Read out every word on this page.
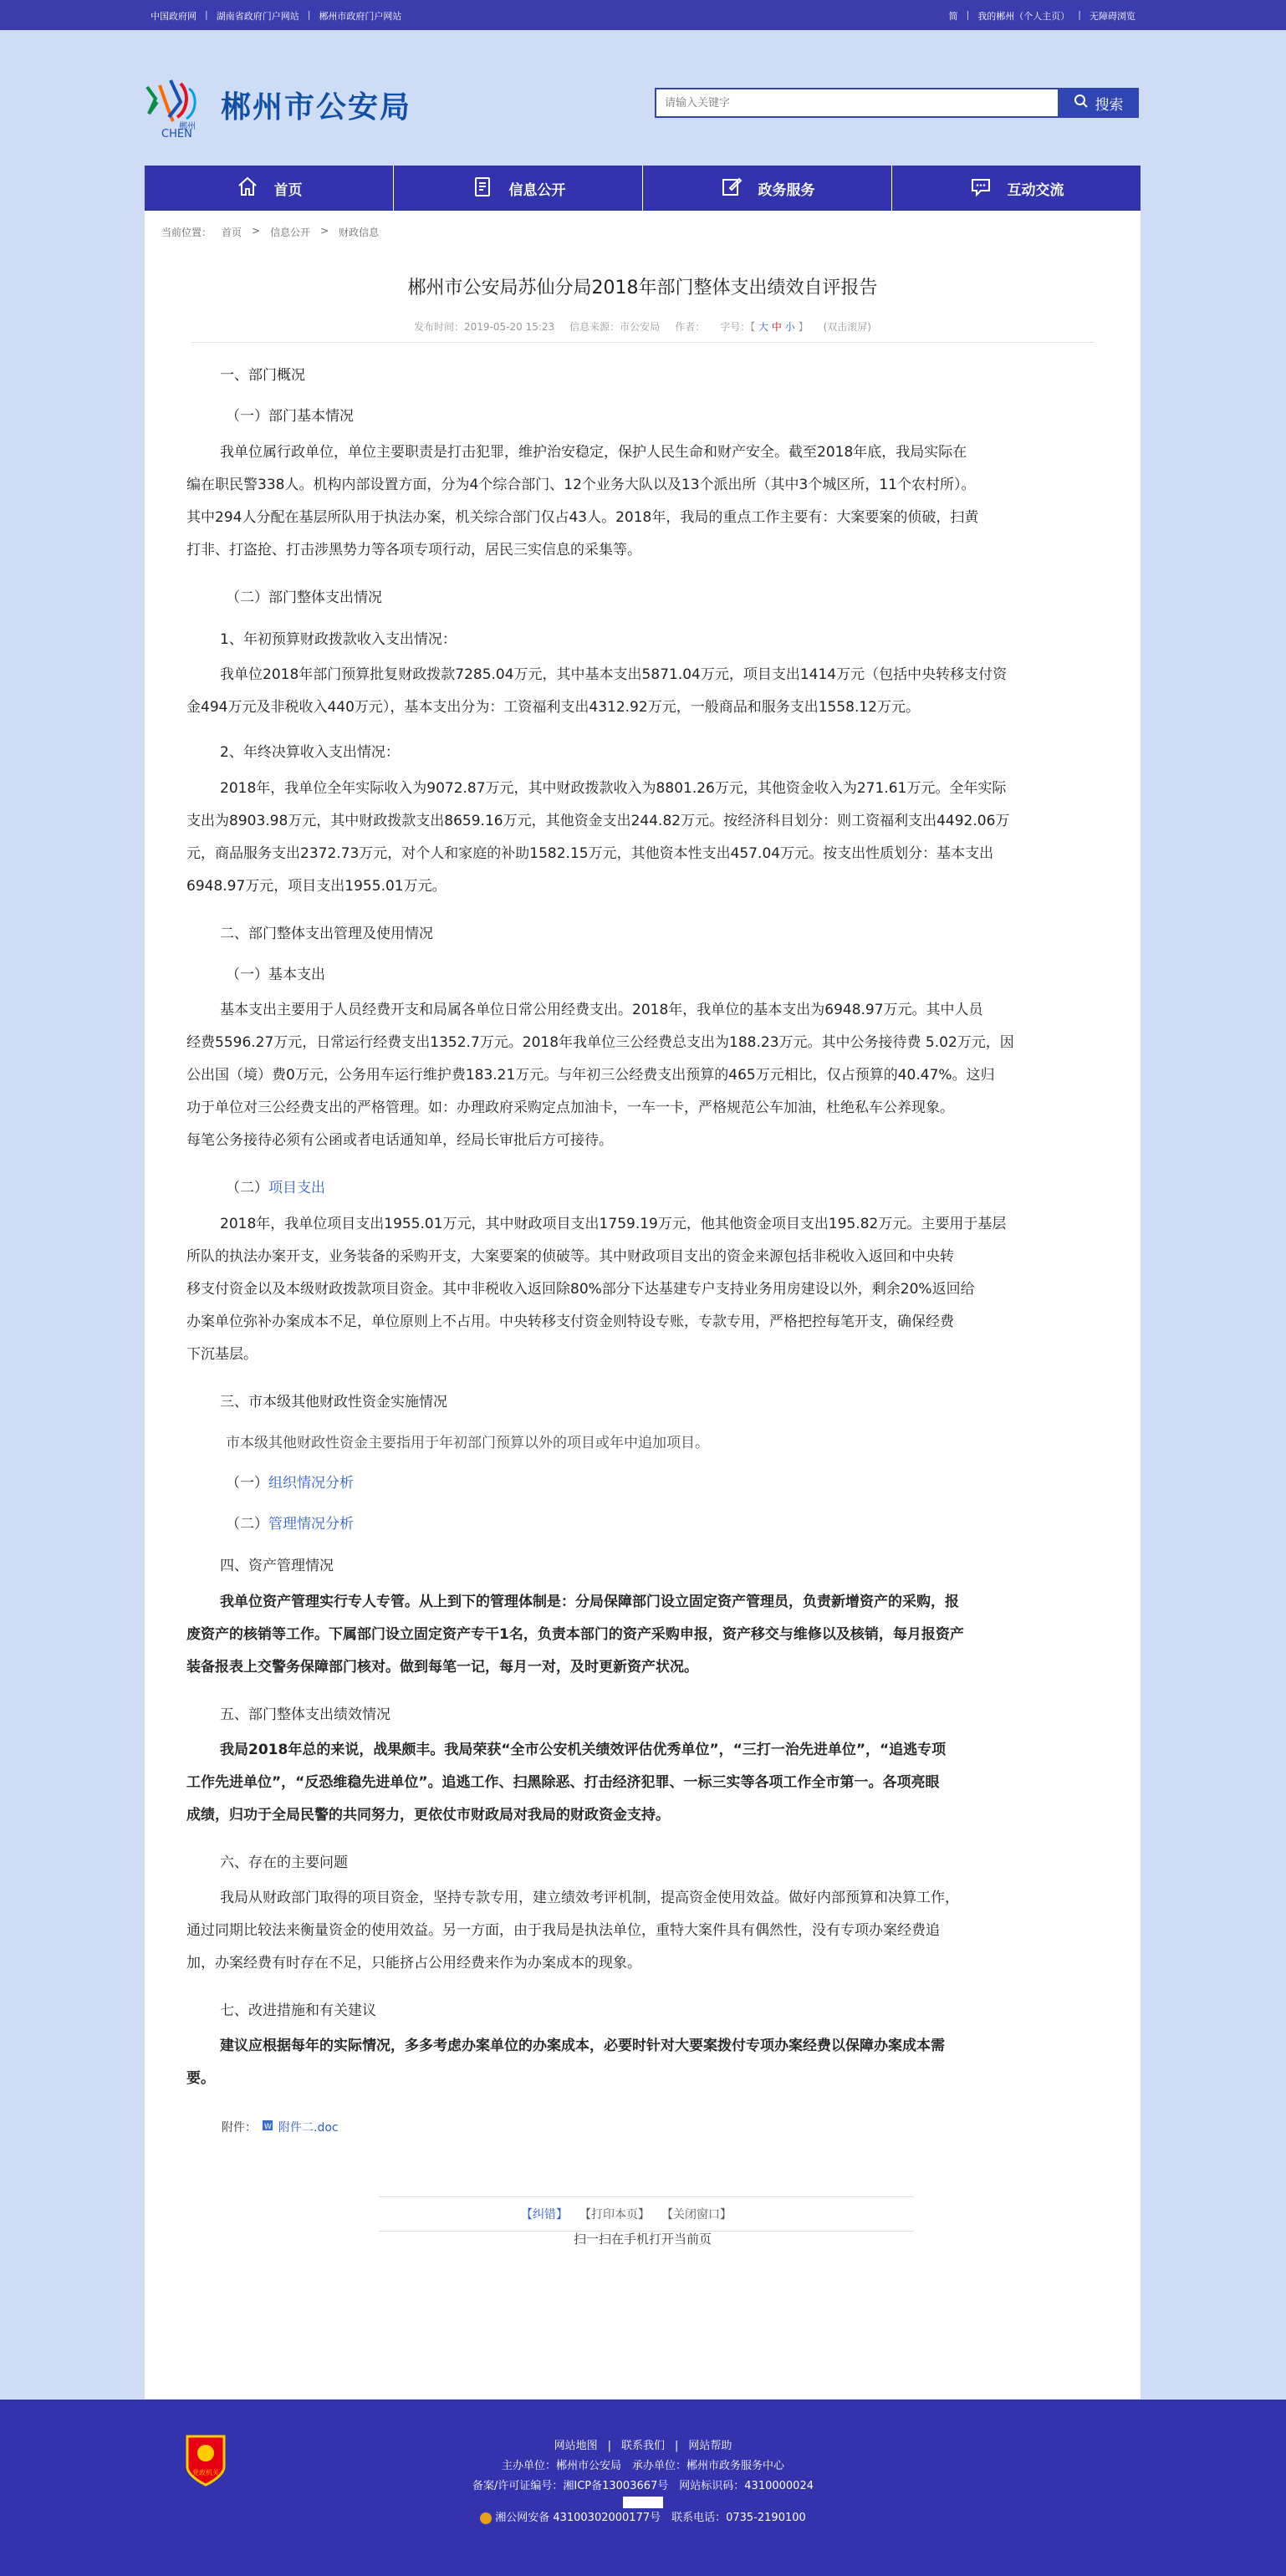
中国政府网 | 湖南省政府门户网站 | 郴州市政府门户网站	简 | 我的郴州（个人主页） | 无障碍浏览
郴州
CHEN
郴州市公安局
请输入关键字	搜索
首页	信息公开	政务服务	互动交流
当前位置： 首页 > 信息公开 > 财政信息
郴州市公安局苏仙分局2018年部门整体支出绩效自评报告
发布时间：2019-05-20 15:23 信息来源：市公安局 作者： 字号：【 大 中 小 】 (双击滚屏)
一、部门概况
（一）部门基本情况
我单位属行政单位，单位主要职责是打击犯罪，维护治安稳定，保护人民生命和财产安全。截至2018年底，我局实际在
编在职民警338人。机构内部设置方面，分为4个综合部门、12个业务大队以及13个派出所（其中3个城区所，11个农村所）。
其中294人分配在基层所队用于执法办案，机关综合部门仅占43人。2018年，我局的重点工作主要有：大案要案的侦破，扫黄
打非、打盗抢、打击涉黑势力等各项专项行动，居民三实信息的采集等。
（二）部门整体支出情况
1、年初预算财政拨款收入支出情况：
我单位2018年部门预算批复财政拨款7285.04万元，其中基本支出5871.04万元，项目支出1414万元（包括中央转移支付资
金494万元及非税收入440万元），基本支出分为：工资福利支出4312.92万元，一般商品和服务支出1558.12万元。
2、年终决算收入支出情况：
2018年，我单位全年实际收入为9072.87万元，其中财政拨款收入为8801.26万元，其他资金收入为271.61万元。全年实际
支出为8903.98万元，其中财政拨款支出8659.16万元，其他资金支出244.82万元。按经济科目划分：则工资福利支出4492.06万
元，商品服务支出2372.73万元，对个人和家庭的补助1582.15万元，其他资本性支出457.04万元。按支出性质划分：基本支出
6948.97万元，项目支出1955.01万元。
二、部门整体支出管理及使用情况
（一）基本支出
基本支出主要用于人员经费开支和局属各单位日常公用经费支出。2018年，我单位的基本支出为6948.97万元。其中人员
经费5596.27万元，日常运行经费支出1352.7万元。2018年我单位三公经费总支出为188.23万元。其中公务接待费 5.02万元，因
公出国（境）费0万元，公务用车运行维护费183.21万元。与年初三公经费支出预算的465万元相比，仅占预算的40.47%。这归
功于单位对三公经费支出的严格管理。如：办理政府采购定点加油卡，一车一卡，严格规范公车加油，杜绝私车公养现象。
每笔公务接待必须有公函或者电话通知单，经局长审批后方可接待。
（二）项目支出
2018年，我单位项目支出1955.01万元，其中财政项目支出1759.19万元，他其他资金项目支出195.82万元。主要用于基层
所队的执法办案开支，业务装备的采购开支，大案要案的侦破等。其中财政项目支出的资金来源包括非税收入返回和中央转
移支付资金以及本级财政拨款项目资金。其中非税收入返回除80%部分下达基建专户支持业务用房建设以外，剩余20%返回给
办案单位弥补办案成本不足，单位原则上不占用。中央转移支付资金则特设专账，专款专用，严格把控每笔开支，确保经费
下沉基层。
三、市本级其他财政性资金实施情况
市本级其他财政性资金主要指用于年初部门预算以外的项目或年中追加项目。
（一）组织情况分析
（二）管理情况分析
四、资产管理情况
我单位资产管理实行专人专管。从上到下的管理体制是：分局保障部门设立固定资产管理员，负责新增资产的采购，报
废资产的核销等工作。下属部门设立固定资产专干1名，负责本部门的资产采购申报，资产移交与维修以及核销，每月报资产
装备报表上交警务保障部门核对。做到每笔一记，每月一对，及时更新资产状况。
五、部门整体支出绩效情况
我局2018年总的来说，战果颇丰。我局荣获“全市公安机关绩效评估优秀单位”，“三打一治先进单位”，“追逃专项
工作先进单位”，“反恐维稳先进单位”。追逃工作、扫黑除恶、打击经济犯罪、一标三实等各项工作全市第一。各项亮眼
成绩，归功于全局民警的共同努力，更依仗市财政局对我局的财政资金支持。
六、存在的主要问题
我局从财政部门取得的项目资金，坚持专款专用，建立绩效考评机制，提高资金使用效益。做好内部预算和决算工作，
通过同期比较法来衡量资金的使用效益。另一方面，由于我局是执法单位，重特大案件具有偶然性，没有专项办案经费追
加，办案经费有时存在不足，只能挤占公用经费来作为办案成本的现象。
七、改进措施和有关建议
建议应根据每年的实际情况，多多考虑办案单位的办案成本，必要时针对大要案拨付专项办案经费以保障办案成本需
要。
附件： W 附件二.doc
【纠错】 【打印本页】 【关闭窗口】
扫一扫在手机打开当前页
党政机关
网站地图 | 联系我们 | 网站帮助
主办单位：郴州市公安局　承办单位：郴州市政务服务中心
备案/许可证编号：湘ICP备13003667号　网站标识码：4310000024
湘公网安备 43100302000177号　联系电话：0735-2190100
